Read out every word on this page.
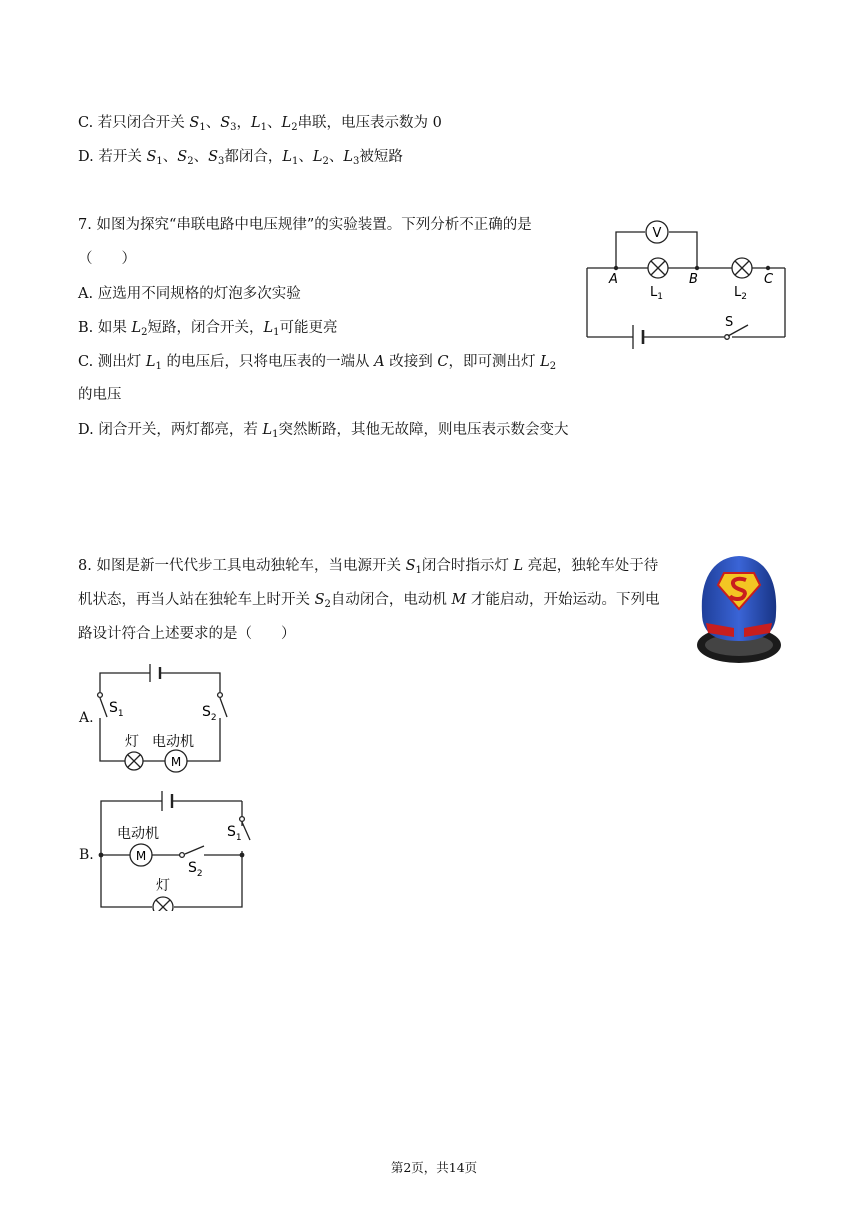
C. 若只闭合开关 $S_1$、$S_3$，$L_1$、$L_2$串联，电压表示数为 0
D. 若开关 $S_1$、$S_2$、$S_3$都闭合，$L_1$、$L_2$、$L_3$被短路
7. 如图为探究“串联电路中电压规律”的实验装置。下列分析不正确的是
（　　）
A. 应选用不同规格的灯泡多次实验
B. 如果 $L_2$短路，闭合开关，$L_1$可能更亮
C. 测出灯 $L_1$ 的电压后，只将电压表的一端从 A 改接到 C，即可测出灯 $L_2$
的电压
D. 闭合开关，两灯都亮，若 $L_1$突然断路，其他无故障，则电压表示数会变大
V
A	B	C
$L_1$	$L_2$
S
8. 如图是新一代代步工具电动独轮车，当电源开关 $S_1$闭合时指示灯 L 亮起，独轮车处于待
机状态，再当人站在独轮车上时开关 $S_2$自动闭合，电动机 M 才能启动，开始运动。下列电
路设计符合上述要求的是（　　）
A.
$S_1$	$S_2$
M
灯 电动机
B.	M
电动机	$S_1$
$S_2$
灯
第2页，共14页
